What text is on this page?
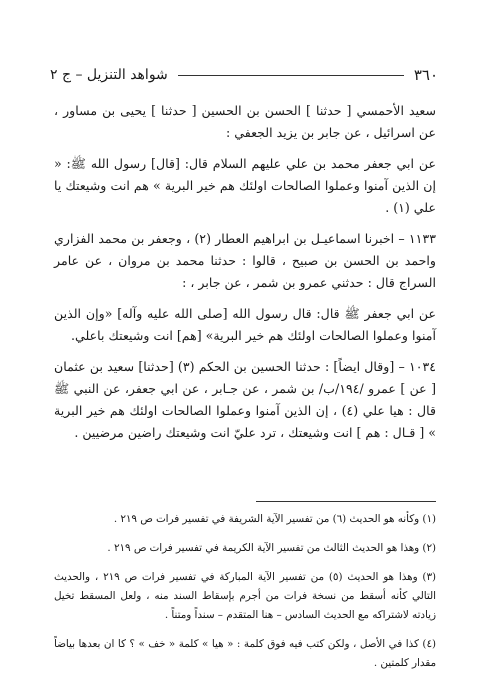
٣٦٠
شواهد التنزيل – ج ٢

سعيد الأحمسي [ حدثنا ] الحسن بن الحسين [ حدثنا ] يحيى بن مساور ، عن اسرائيل ، عن جابر بن يزيد الجعفي :

عن ابي جعفر محمد بن علي عليهم السلام قال: [قال] رسول الله ﷺ: « إن الذين آمنوا وعملوا الصالحات اولئك هم خير البرية » هم انت وشيعتك يا علي (١) .

١١٣٣ – اخبرنا اسماعيـل بن ابراهيم العطار (٢) ، وجعفر بن محمد الفزاري واحمد بن الحسن بن صبيح ، قالوا : حدثنا محمد بن مروان ، عن عامر السراج قال : حدثني عمرو بن شمر ، عن جابر ، :

عن ابي جعفر ﷺ قال: قال رسول الله [صلى الله عليه وآله] «وإن الذين آمنوا وعملوا الصالحات اولئك هم خير البرية» [هم] انت وشيعتك باعلي.

١٠٣٤ – [وقال ايضاً] : حدثنا الحسين بن الحكم (٣) [حدثنا] سعيد بن عثمان [ عن ] عمرو /١٩٤/ب/ بن شمر ، عن جـابر ، عن ابي جعفر، عن النبي ﷺ قال : هيا علي (٤) ، إن الذين آمنوا وعملوا الصالحات اولئك هم خير البرية » [ قـال : هم ] انت وشيعتك ، ترد عليّ انت وشيعتك راضين مرضيين .

(١) وكأنه هو الحديث (٦) من تفسير الآية الشريفة في تفسير فرات ص ٢١٩ .

(٢) وهذا هو الحديث الثالث من تفسير الآية الكريمة في تفسير فرات ص ٢١٩ .

(٣) وهذا هو الحديث (٥) من تفسير الآية المباركة في تفسير فرات ص ٢١٩ ، والحديث التالي كأنه أسقط من نسخة فرات من أجرم بإسقاط السند منه ، ولعل المسقط تخيل زيادته لاشتراكه مع الحديث السادس – هنا المتقدم – سنداً ومتناً .

(٤) كذا في الأصل ، ولكن كتب فيه فوق كلمة : « هيا » كلمة « خف » ؟ كا ان بعدها بياضاً مقدار كلمتين .
